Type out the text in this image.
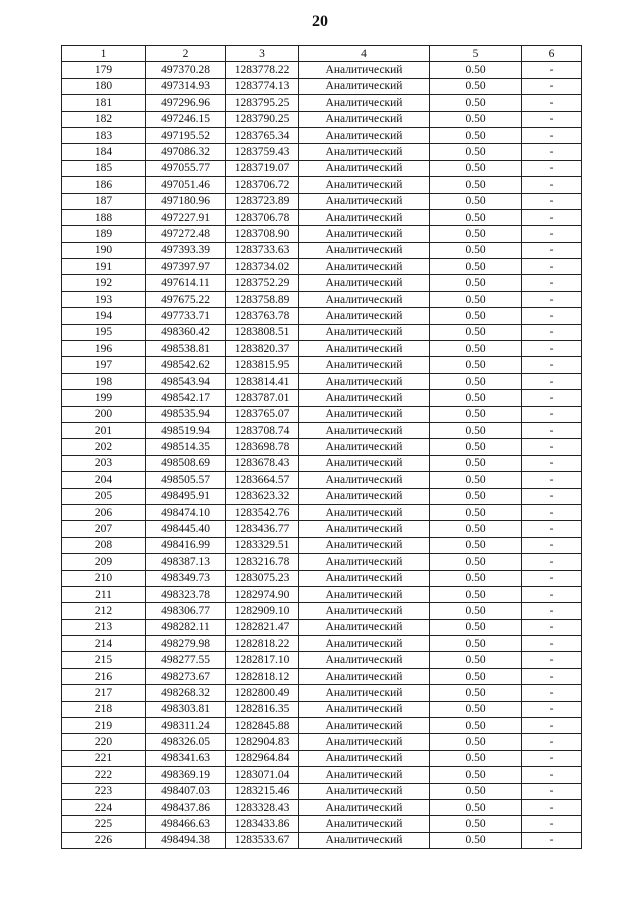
20
1	2	3	4	5	6
179	497370.28	1283778.22	Аналитический	0.50	-
180	497314.93	1283774.13	Аналитический	0.50	-
181	497296.96	1283795.25	Аналитический	0.50	-
182	497246.15	1283790.25	Аналитический	0.50	-
183	497195.52	1283765.34	Аналитический	0.50	-
184	497086.32	1283759.43	Аналитический	0.50	-
185	497055.77	1283719.07	Аналитический	0.50	-
186	497051.46	1283706.72	Аналитический	0.50	-
187	497180.96	1283723.89	Аналитический	0.50	-
188	497227.91	1283706.78	Аналитический	0.50	-
189	497272.48	1283708.90	Аналитический	0.50	-
190	497393.39	1283733.63	Аналитический	0.50	-
191	497397.97	1283734.02	Аналитический	0.50	-
192	497614.11	1283752.29	Аналитический	0.50	-
193	497675.22	1283758.89	Аналитический	0.50	-
194	497733.71	1283763.78	Аналитический	0.50	-
195	498360.42	1283808.51	Аналитический	0.50	-
196	498538.81	1283820.37	Аналитический	0.50	-
197	498542.62	1283815.95	Аналитический	0.50	-
198	498543.94	1283814.41	Аналитический	0.50	-
199	498542.17	1283787.01	Аналитический	0.50	-
200	498535.94	1283765.07	Аналитический	0.50	-
201	498519.94	1283708.74	Аналитический	0.50	-
202	498514.35	1283698.78	Аналитический	0.50	-
203	498508.69	1283678.43	Аналитический	0.50	-
204	498505.57	1283664.57	Аналитический	0.50	-
205	498495.91	1283623.32	Аналитический	0.50	-
206	498474.10	1283542.76	Аналитический	0.50	-
207	498445.40	1283436.77	Аналитический	0.50	-
208	498416.99	1283329.51	Аналитический	0.50	-
209	498387.13	1283216.78	Аналитический	0.50	-
210	498349.73	1283075.23	Аналитический	0.50	-
211	498323.78	1282974.90	Аналитический	0.50	-
212	498306.77	1282909.10	Аналитический	0.50	-
213	498282.11	1282821.47	Аналитический	0.50	-
214	498279.98	1282818.22	Аналитический	0.50	-
215	498277.55	1282817.10	Аналитический	0.50	-
216	498273.67	1282818.12	Аналитический	0.50	-
217	498268.32	1282800.49	Аналитический	0.50	-
218	498303.81	1282816.35	Аналитический	0.50	-
219	498311.24	1282845.88	Аналитический	0.50	-
220	498326.05	1282904.83	Аналитический	0.50	-
221	498341.63	1282964.84	Аналитический	0.50	-
222	498369.19	1283071.04	Аналитический	0.50	-
223	498407.03	1283215.46	Аналитический	0.50	-
224	498437.86	1283328.43	Аналитический	0.50	-
225	498466.63	1283433.86	Аналитический	0.50	-
226	498494.38	1283533.67	Аналитический	0.50	-
